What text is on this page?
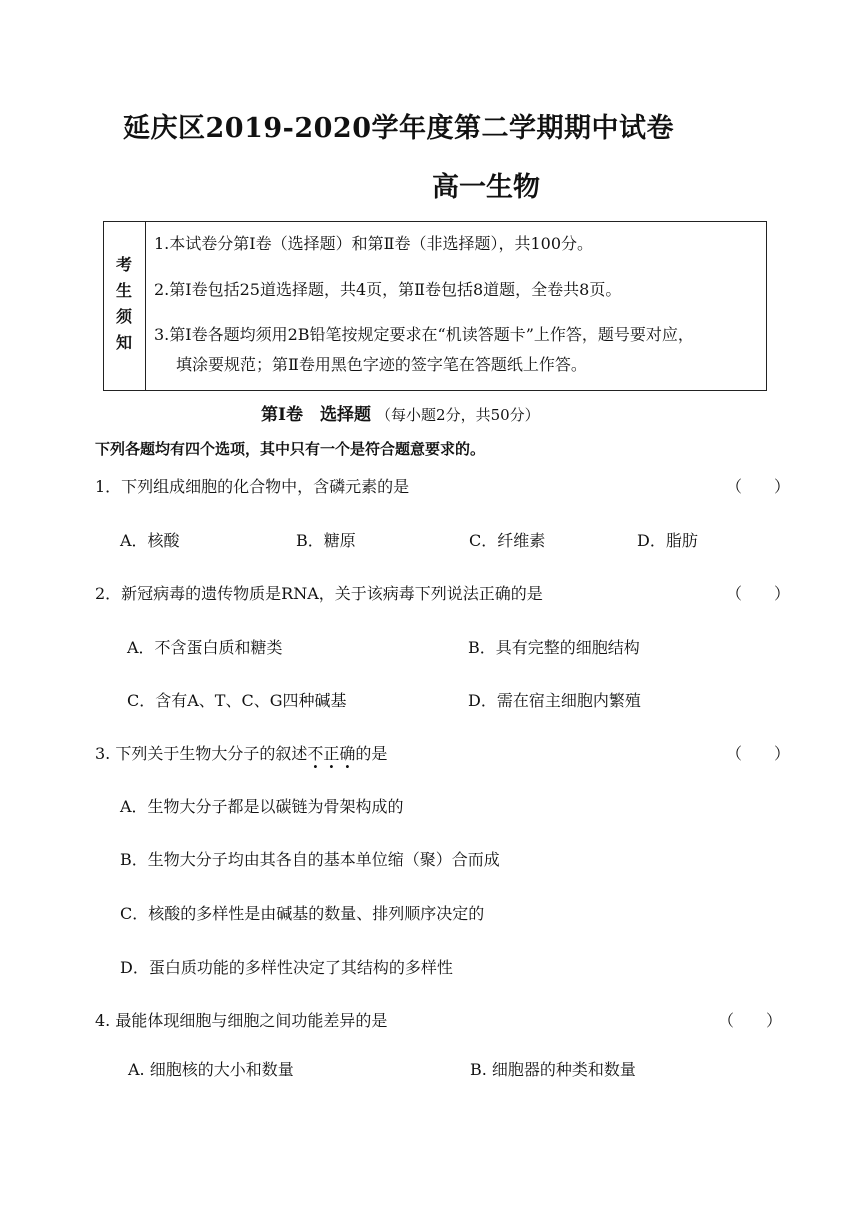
延庆区2019-2020学年度第二学期期中试卷
高一生物
考
生
须
知
1.本试卷分第Ⅰ卷（选择题）和第Ⅱ卷（非选择题），共100分。
2.第Ⅰ卷包括25道选择题，共4页，第Ⅱ卷包括8道题，全卷共8页。
3.第Ⅰ卷各题均须用2B铅笔按规定要求在“机读答题卡”上作答，题号要对应，
填涂要规范；第Ⅱ卷用黑色字迹的签字笔在答题纸上作答。
第Ⅰ卷　选择题 （每小题2分，共50分）
下列各题均有四个选项，其中只有一个是符合题意要求的。
1．下列组成细胞的化合物中，含磷元素的是	（　　）
A．核酸	B．糖原	C．纤维素	D．脂肪
2．新冠病毒的遗传物质是RNA，关于该病毒下列说法正确的是	（　　）
A．不含蛋白质和糖类	B．具有完整的细胞结构
C．含有A、T、C、G四种碱基	D．需在宿主细胞内繁殖
3. 下列关于生物大分子的叙述不正确的是	（　　）
A．生物大分子都是以碳链为骨架构成的
B．生物大分子均由其各自的基本单位缩（聚）合而成
C．核酸的多样性是由碱基的数量、排列顺序决定的
D．蛋白质功能的多样性决定了其结构的多样性
4. 最能体现细胞与细胞之间功能差异的是	（　　）
A. 细胞核的大小和数量	B. 细胞器的种类和数量
